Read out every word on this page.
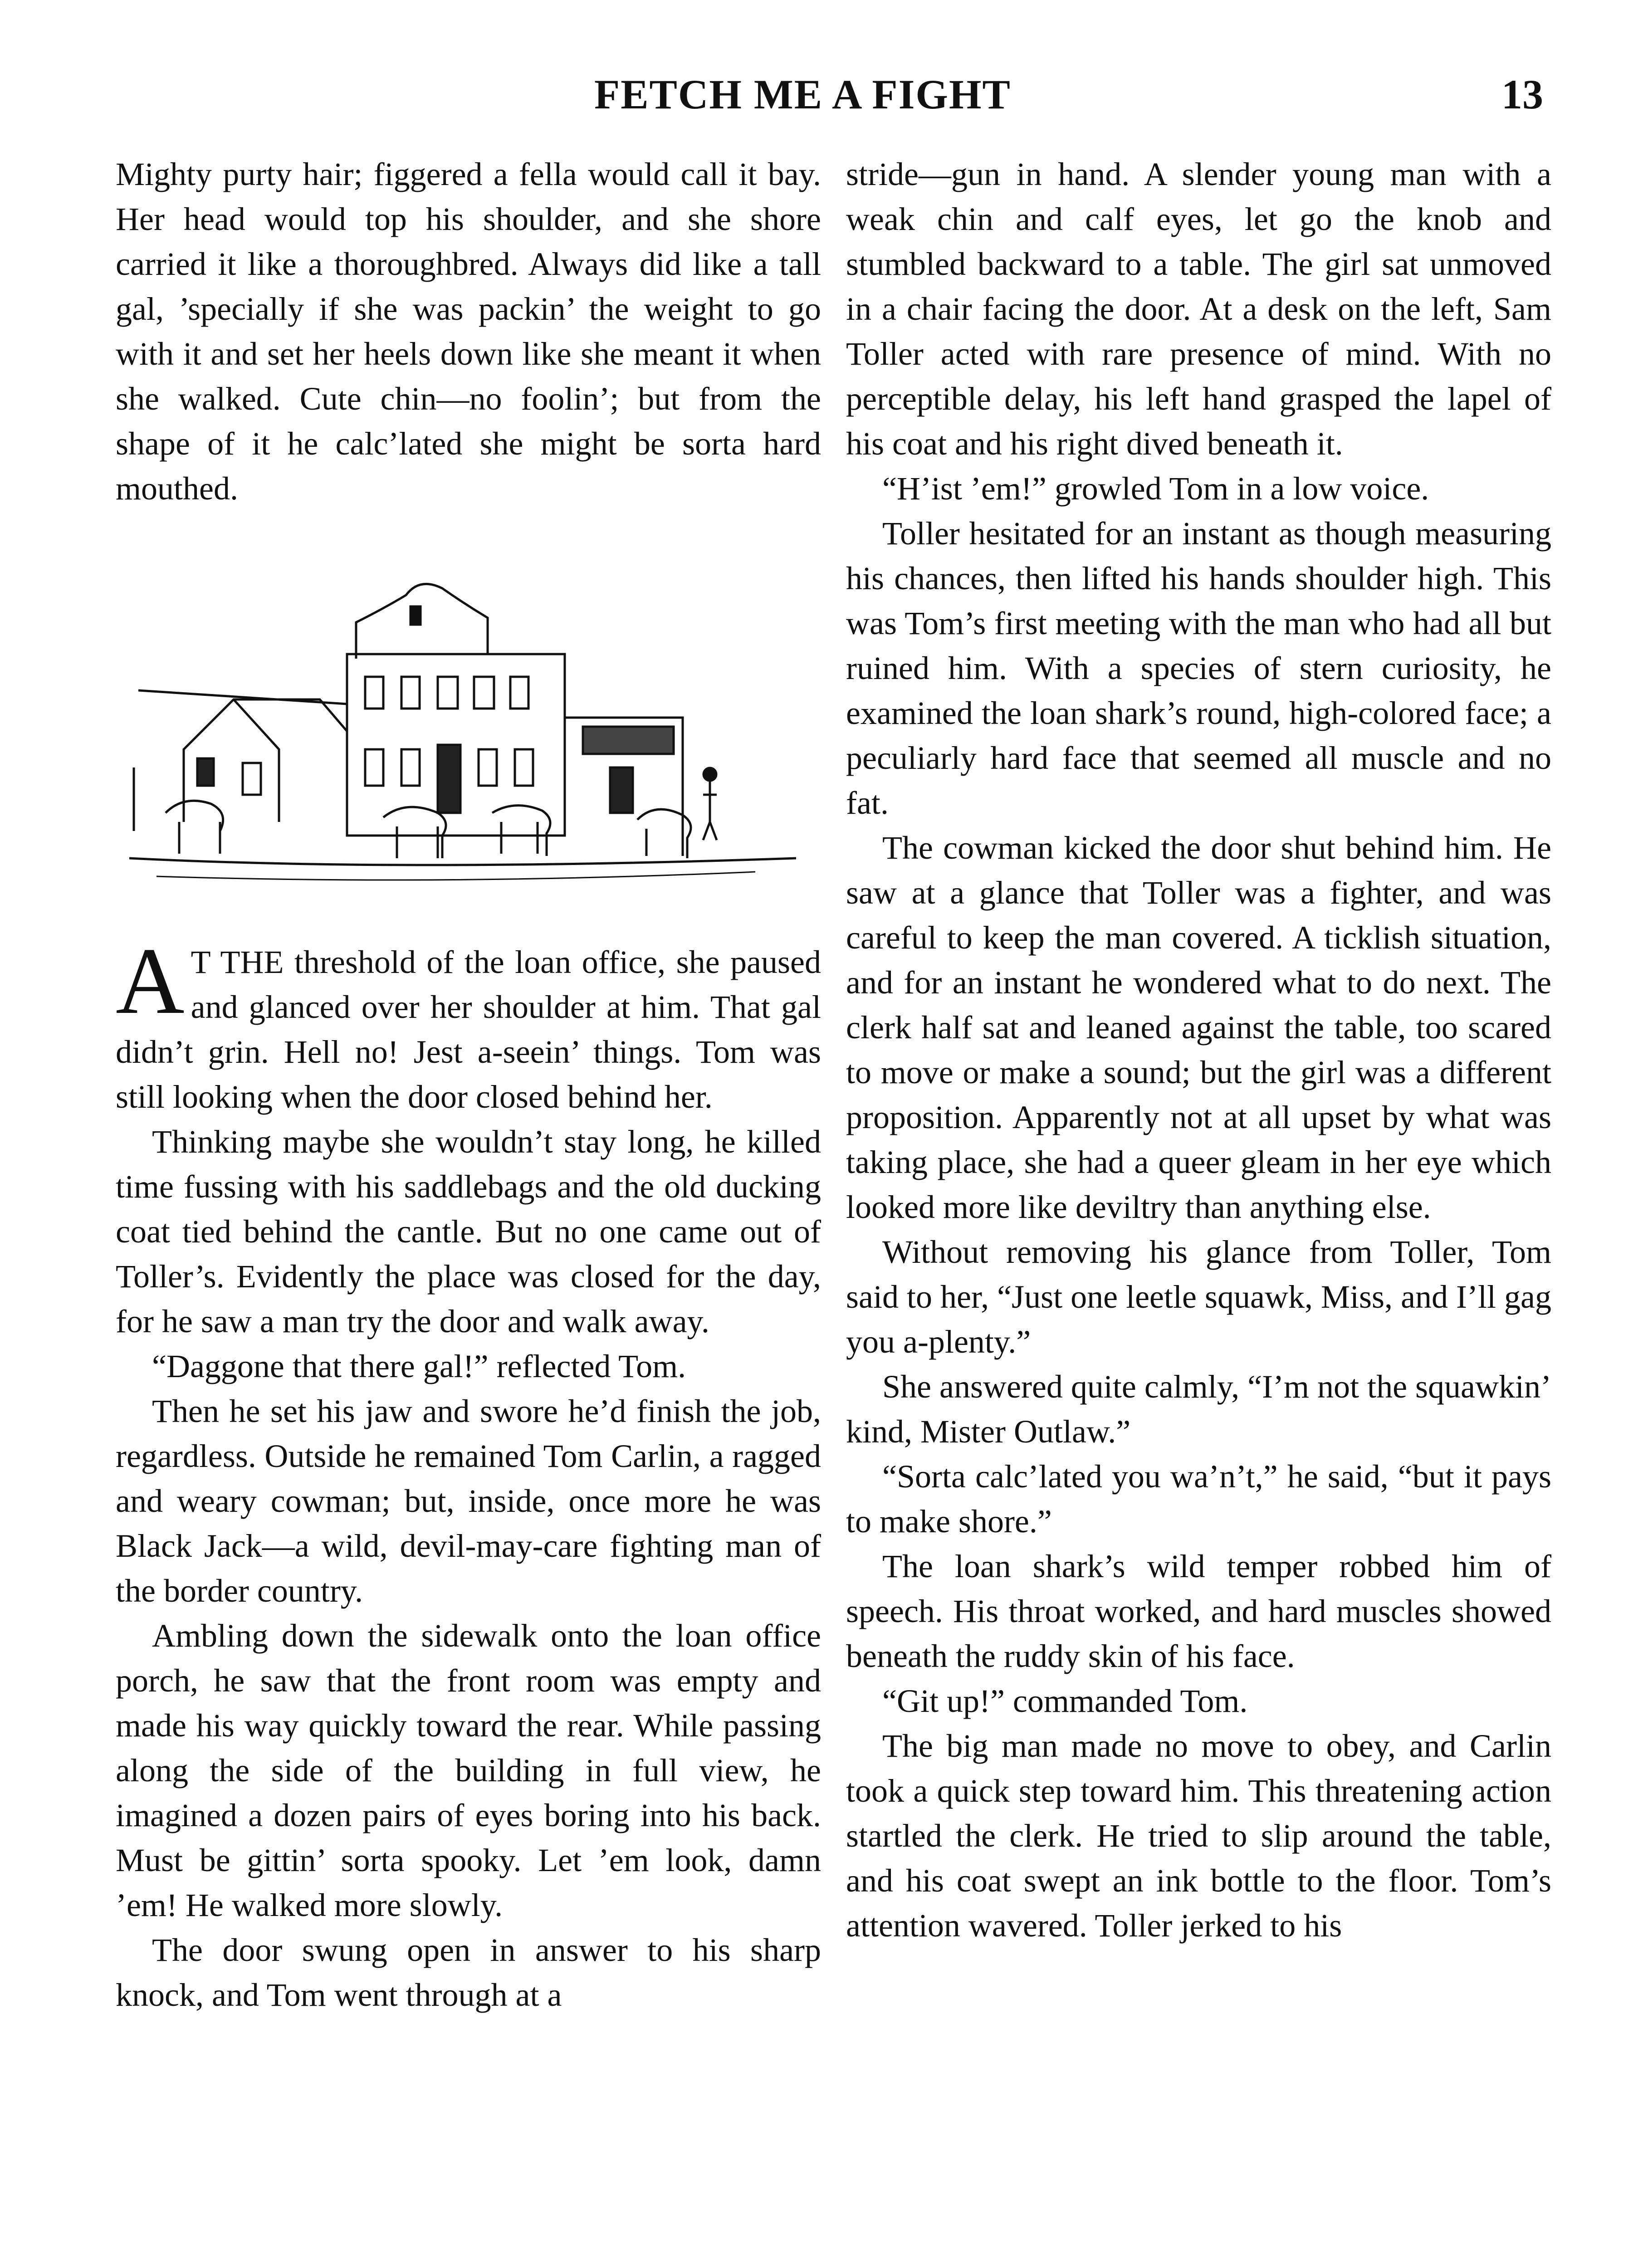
FETCH ME A FIGHT	13

Mighty purty hair; figgered a fella would call it bay. Her head would top his shoulder, and she shore carried it like a thoroughbred. Always did like a tall gal, ’specially if she was packin’ the weight to go with it and set her heels down like she meant it when she walked. Cute chin—no foolin’; but from the shape of it he calc’lated she might be sorta hard mouthed.

A T THE threshold of the loan office, she paused and glanced over her shoulder at him. That gal didn’t grin. Hell no! Jest a-seein’ things. Tom was still looking when the door closed behind her.

Thinking maybe she wouldn’t stay long, he killed time fussing with his saddlebags and the old ducking coat tied behind the cantle. But no one came out of Toller’s. Evidently the place was closed for the day, for he saw a man try the door and walk away.

“Daggone that there gal!” reflected Tom.

Then he set his jaw and swore he’d finish the job, regardless. Outside he remained Tom Carlin, a ragged and weary cowman; but, inside, once more he was Black Jack—a wild, devil-may-care fighting man of the border country.

Ambling down the sidewalk onto the loan office porch, he saw that the front room was empty and made his way quickly toward the rear. While passing along the side of the building in full view, he imagined a dozen pairs of eyes boring into his back. Must be gittin’ sorta spooky. Let ’em look, damn ’em! He walked more slowly.

The door swung open in answer to his sharp knock, and Tom went through at a

stride—gun in hand. A slender young man with a weak chin and calf eyes, let go the knob and stumbled backward to a table. The girl sat unmoved in a chair facing the door. At a desk on the left, Sam Toller acted with rare presence of mind. With no perceptible delay, his left hand grasped the lapel of his coat and his right dived beneath it.

“H’ist ’em!” growled Tom in a low voice.

Toller hesitated for an instant as though measuring his chances, then lifted his hands shoulder high. This was Tom’s first meeting with the man who had all but ruined him. With a species of stern curiosity, he examined the loan shark’s round, high-colored face; a peculiarly hard face that seemed all muscle and no fat.

The cowman kicked the door shut behind him. He saw at a glance that Toller was a fighter, and was careful to keep the man covered. A ticklish situation, and for an instant he wondered what to do next. The clerk half sat and leaned against the table, too scared to move or make a sound; but the girl was a different proposition. Apparently not at all upset by what was taking place, she had a queer gleam in her eye which looked more like deviltry than anything else.

Without removing his glance from Toller, Tom said to her, “Just one leetle squawk, Miss, and I’ll gag you a-plenty.”

She answered quite calmly, “I’m not the squawkin’ kind, Mister Outlaw.”

“Sorta calc’lated you wa’n’t,” he said, “but it pays to make shore.”

The loan shark’s wild temper robbed him of speech. His throat worked, and hard muscles showed beneath the ruddy skin of his face.

“Git up!” commanded Tom.

The big man made no move to obey, and Carlin took a quick step toward him. This threatening action startled the clerk. He tried to slip around the table, and his coat swept an ink bottle to the floor. Tom’s attention wavered. Toller jerked to his
